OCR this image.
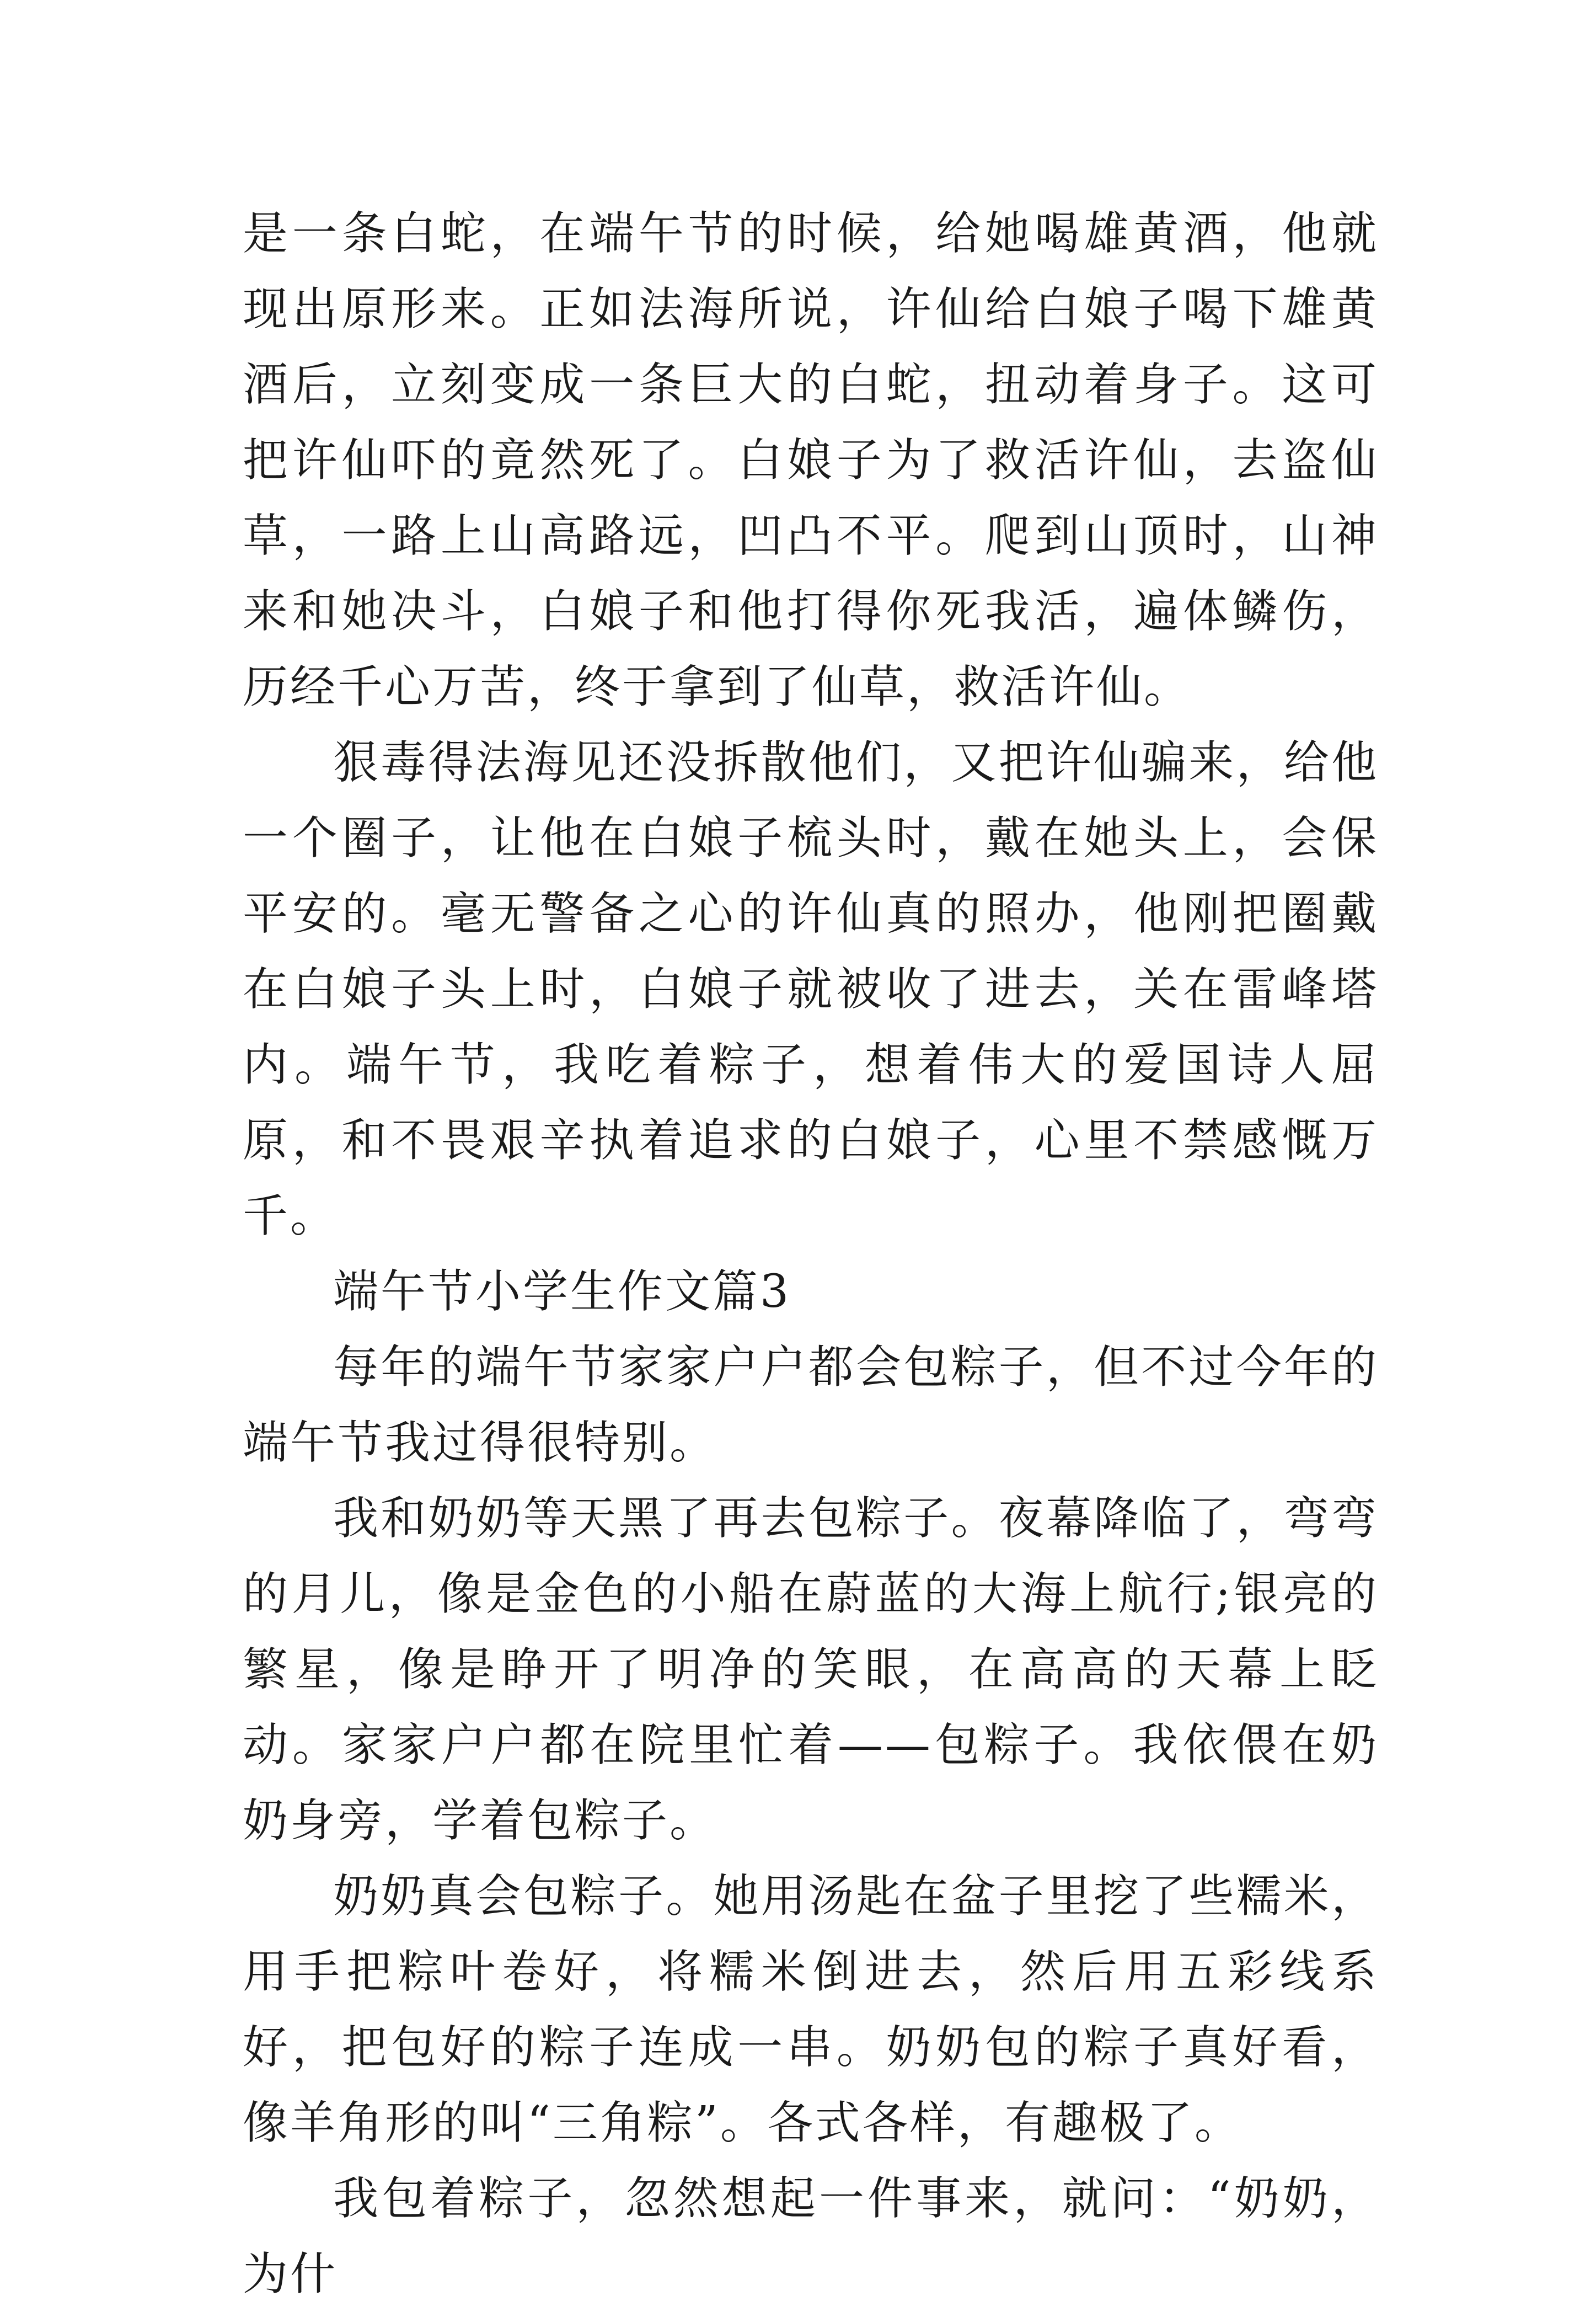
是一条白蛇，在端午节的时候，给她喝雄黄酒，他就现出原形来。正如法海所说，许仙给白娘子喝下雄黄酒后，立刻变成一条巨大的白蛇，扭动着身子。这可把许仙吓的竟然死了。白娘子为了救活许仙，去盗仙草，一路上山高路远，凹凸不平。爬到山顶时，山神来和她决斗，白娘子和他打得你死我活，遍体鳞伤，历经千心万苦，终于拿到了仙草，救活许仙。

狠毒得法海见还没拆散他们，又把许仙骗来，给他一个圈子，让他在白娘子梳头时，戴在她头上，会保平安的。毫无警备之心的许仙真的照办，他刚把圈戴在白娘子头上时，白娘子就被收了进去，关在雷峰塔内。端午节，我吃着粽子，想着伟大的爱国诗人屈原，和不畏艰辛执着追求的白娘子，心里不禁感慨万千。

端午节小学生作文篇3

每年的端午节家家户户都会包粽子，但不过今年的端午节我过得很特别。

我和奶奶等天黑了再去包粽子。夜幕降临了，弯弯的月儿，像是金色的小船在蔚蓝的大海上航行;银亮的繁星，像是睁开了明净的笑眼，在高高的天幕上眨动。家家户户都在院里忙着——包粽子。我依偎在奶奶身旁，学着包粽子。

奶奶真会包粽子。她用汤匙在盆子里挖了些糯米，用手把粽叶卷好，将糯米倒进去，然后用五彩线系好，把包好的粽子连成一串。奶奶包的粽子真好看，像羊角形的叫“三角粽”。各式各样，有趣极了。

我包着粽子，忽然想起一件事来，就问：“奶奶，为什
